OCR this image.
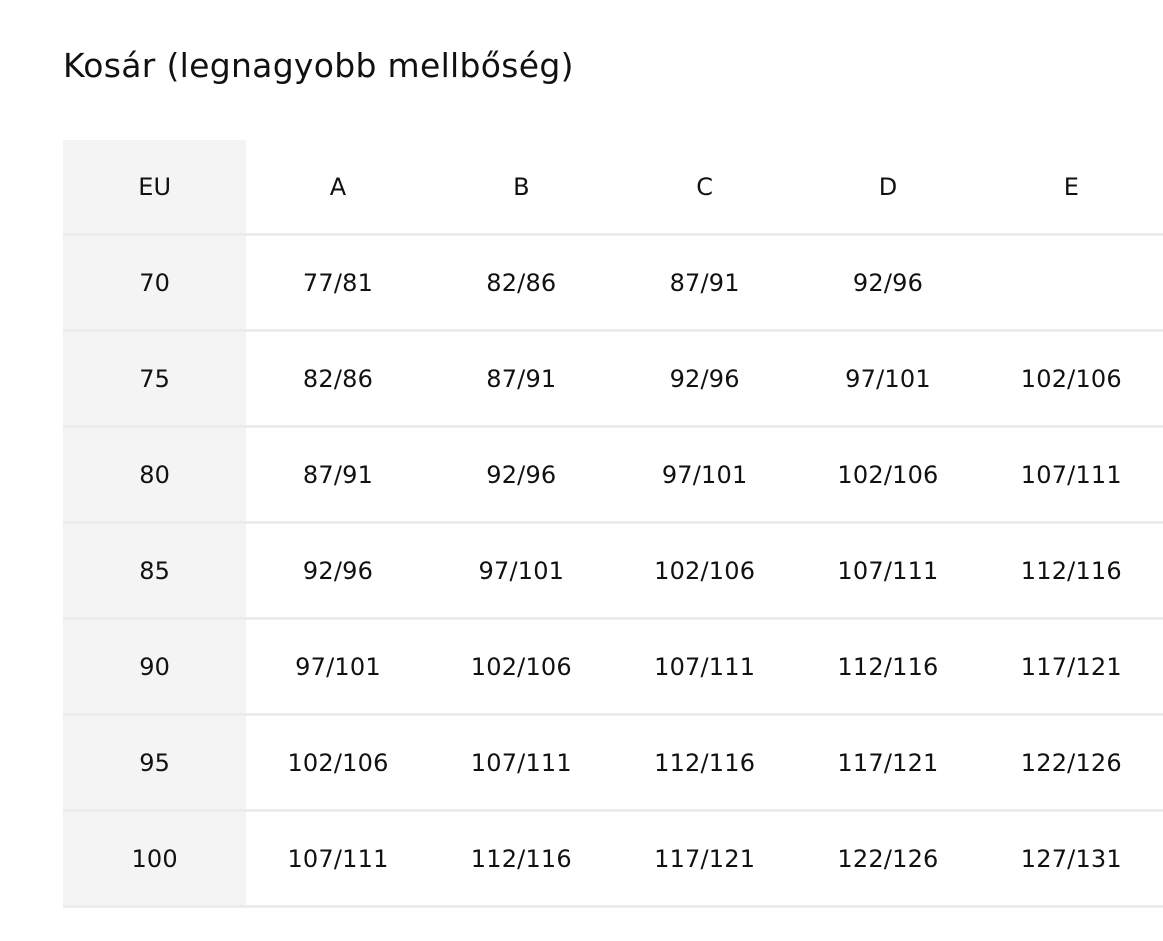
Kosár (legnagyobb mellbőség)
EU	A	B	C	D	E
70	77/81	82/86	87/91	92/96	
75	82/86	87/91	92/96	97/101	102/106
80	87/91	92/96	97/101	102/106	107/111
85	92/96	97/101	102/106	107/111	112/116
90	97/101	102/106	107/111	112/116	117/121
95	102/106	107/111	112/116	117/121	122/126
100	107/111	112/116	117/121	122/126	127/131
